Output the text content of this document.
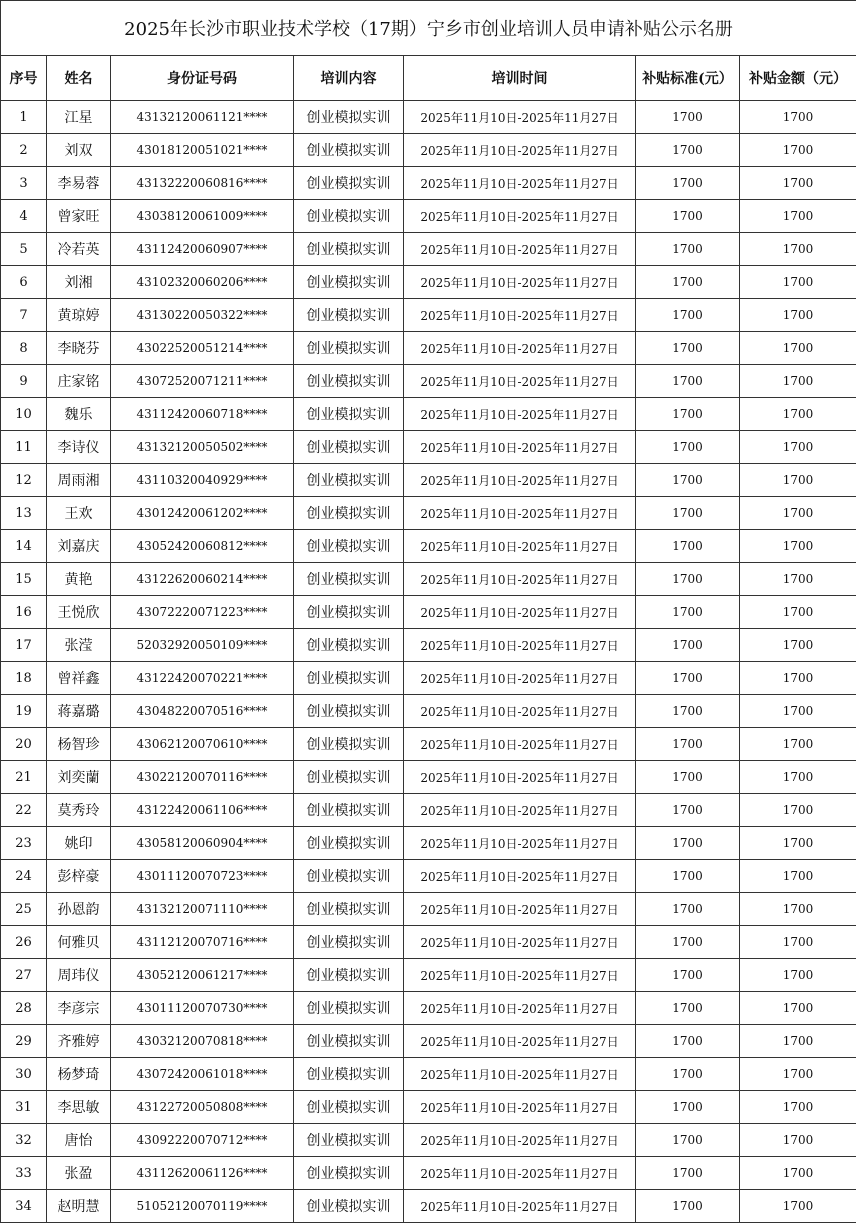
2025年长沙市职业技术学校（17期）宁乡市创业培训人员申请补贴公示名册						
序号	姓名	身份证号码	培训内容	培训时间	补贴标准(元）	补贴金额（元）
1	江星	43132120061121****	创业模拟实训	2025年11月10日-2025年11月27日	1700	1700
2	刘双	43018120051021****	创业模拟实训	2025年11月10日-2025年11月27日	1700	1700
3	李易蓉	43132220060816****	创业模拟实训	2025年11月10日-2025年11月27日	1700	1700
4	曾家旺	43038120061009****	创业模拟实训	2025年11月10日-2025年11月27日	1700	1700
5	冷若英	43112420060907****	创业模拟实训	2025年11月10日-2025年11月27日	1700	1700
6	刘湘	43102320060206****	创业模拟实训	2025年11月10日-2025年11月27日	1700	1700
7	黄琼婷	43130220050322****	创业模拟实训	2025年11月10日-2025年11月27日	1700	1700
8	李晓芬	43022520051214****	创业模拟实训	2025年11月10日-2025年11月27日	1700	1700
9	庄家铭	43072520071211****	创业模拟实训	2025年11月10日-2025年11月27日	1700	1700
10	魏乐	43112420060718****	创业模拟实训	2025年11月10日-2025年11月27日	1700	1700
11	李诗仪	43132120050502****	创业模拟实训	2025年11月10日-2025年11月27日	1700	1700
12	周雨湘	43110320040929****	创业模拟实训	2025年11月10日-2025年11月27日	1700	1700
13	王欢	43012420061202****	创业模拟实训	2025年11月10日-2025年11月27日	1700	1700
14	刘嘉庆	43052420060812****	创业模拟实训	2025年11月10日-2025年11月27日	1700	1700
15	黄艳	43122620060214****	创业模拟实训	2025年11月10日-2025年11月27日	1700	1700
16	王悦欣	43072220071223****	创业模拟实训	2025年11月10日-2025年11月27日	1700	1700
17	张滢	52032920050109****	创业模拟实训	2025年11月10日-2025年11月27日	1700	1700
18	曾祥鑫	43122420070221****	创业模拟实训	2025年11月10日-2025年11月27日	1700	1700
19	蒋嘉璐	43048220070516****	创业模拟实训	2025年11月10日-2025年11月27日	1700	1700
20	杨智珍	43062120070610****	创业模拟实训	2025年11月10日-2025年11月27日	1700	1700
21	刘奕蘭	43022120070116****	创业模拟实训	2025年11月10日-2025年11月27日	1700	1700
22	莫秀玲	43122420061106****	创业模拟实训	2025年11月10日-2025年11月27日	1700	1700
23	姚印	43058120060904****	创业模拟实训	2025年11月10日-2025年11月27日	1700	1700
24	彭梓豪	43011120070723****	创业模拟实训	2025年11月10日-2025年11月27日	1700	1700
25	孙恩韵	43132120071110****	创业模拟实训	2025年11月10日-2025年11月27日	1700	1700
26	何雅贝	43112120070716****	创业模拟实训	2025年11月10日-2025年11月27日	1700	1700
27	周玮仪	43052120061217****	创业模拟实训	2025年11月10日-2025年11月27日	1700	1700
28	李彦宗	43011120070730****	创业模拟实训	2025年11月10日-2025年11月27日	1700	1700
29	齐雅婷	43032120070818****	创业模拟实训	2025年11月10日-2025年11月27日	1700	1700
30	杨梦琦	43072420061018****	创业模拟实训	2025年11月10日-2025年11月27日	1700	1700
31	李思敏	43122720050808****	创业模拟实训	2025年11月10日-2025年11月27日	1700	1700
32	唐怡	43092220070712****	创业模拟实训	2025年11月10日-2025年11月27日	1700	1700
33	张盈	43112620061126****	创业模拟实训	2025年11月10日-2025年11月27日	1700	1700
34	赵明慧	51052120070119****	创业模拟实训	2025年11月10日-2025年11月27日	1700	1700
